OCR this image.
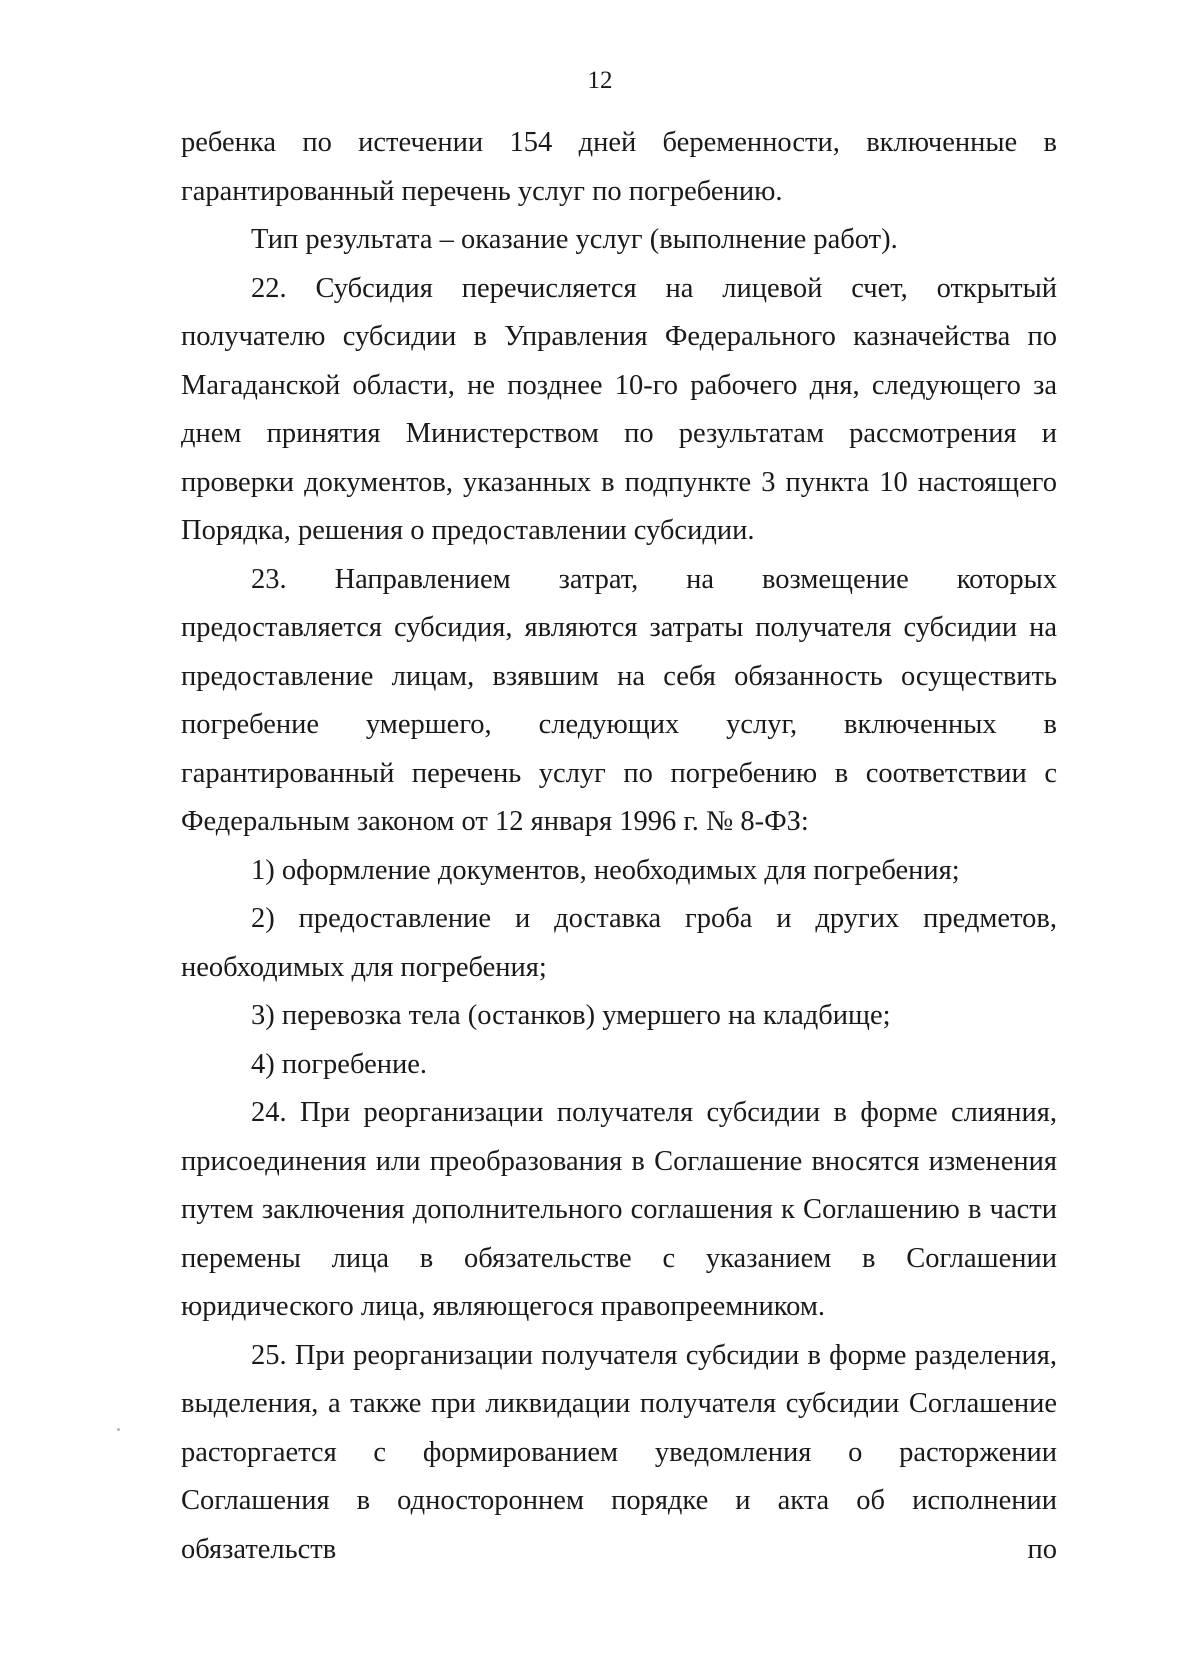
12

ребенка по истечении 154 дней беременности, включенные в гарантированный перечень услуг по погребению.

Тип результата – оказание услуг (выполнение работ).

22. Субсидия перечисляется на лицевой счет, открытый получателю субсидии в Управления Федерального казначейства по Магаданской области, не позднее 10-го рабочего дня, следующего за днем принятия Министерством по результатам рассмотрения и проверки документов, указанных в подпункте 3 пункта 10 настоящего Порядка, решения о предоставлении субсидии.

23. Направлением затрат, на возмещение которых предоставляется субсидия, являются затраты получателя субсидии на предоставление лицам, взявшим на себя обязанность осуществить погребение умершего, следующих услуг, включенных в гарантированный перечень услуг по погребению в соответствии с Федеральным законом от 12 января 1996 г. № 8-ФЗ:

1) оформление документов, необходимых для погребения;

2) предоставление и доставка гроба и других предметов, необходимых для погребения;

3) перевозка тела (останков) умершего на кладбище;

4) погребение.

24. При реорганизации получателя субсидии в форме слияния, присоединения или преобразования в Соглашение вносятся изменения путем заключения дополнительного соглашения к Соглашению в части перемены лица в обязательстве с указанием в Соглашении юридического лица, являющегося правопреемником.

25. При реорганизации получателя субсидии в форме разделения, выделения, а также при ликвидации получателя субсидии Соглашение расторгается с формированием уведомления о расторжении Соглашения в одностороннем порядке и акта об исполнении обязательств по
